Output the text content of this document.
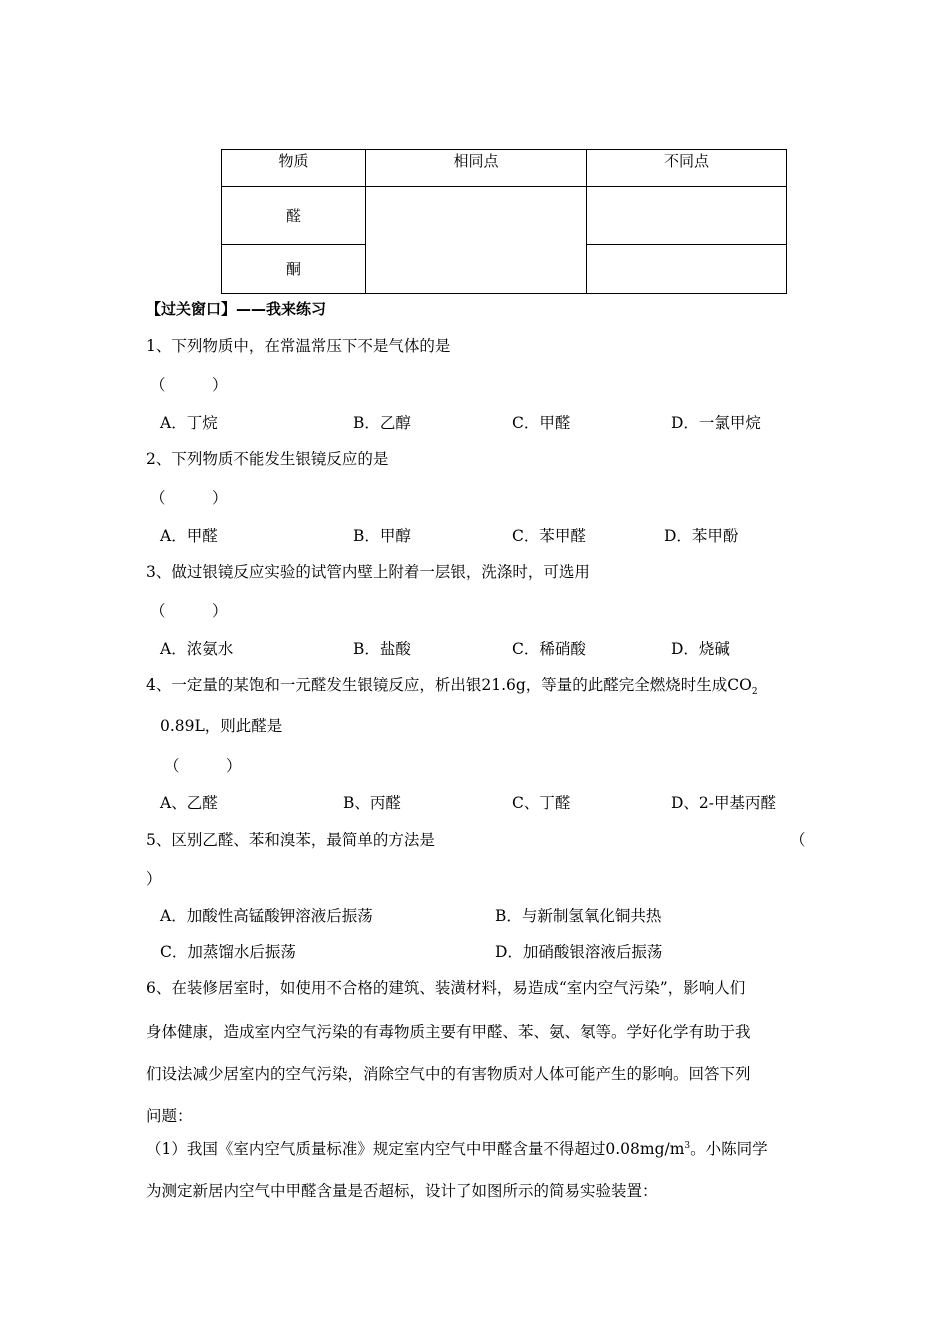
物质	相同点	不同点
醛		
酮		
【过关窗口】——我来练习
1、下列物质中，在常温常压下不是气体的是
（　　　）
A．丁烷	B．乙醇	C．甲醛	D．一氯甲烷
2、下列物质不能发生银镜反应的是
（　　　）
A．甲醛	B．甲醇	C．苯甲醛	D．苯甲酚
3、做过银镜反应实验的试管内壁上附着一层银，洗涤时，可选用
（　　　）
A．浓氨水	B．盐酸	C．稀硝酸	D．烧碱
4、一定量的某饱和一元醛发生银镜反应，析出银21.6g，等量的此醛完全燃烧时生成$CO_2$
0.89L，则此醛是
（　　　）
A、乙醛	B、丙醛	C、丁醛	D、2-甲基丙醛
5、区别乙醛、苯和溴苯，最简单的方法是	（
）
A．加酸性高锰酸钾溶液后振荡	B．与新制氢氧化铜共热
C．加蒸馏水后振荡	D．加硝酸银溶液后振荡
6、在装修居室时，如使用不合格的建筑、装潢材料，易造成“室内空气污染”，影响人们
身体健康，造成室内空气污染的有毒物质主要有甲醛、苯、氨、氡等。学好化学有助于我
们设法减少居室内的空气污染，消除空气中的有害物质对人体可能产生的影响。回答下列
问题：
（1）我国《室内空气质量标准》规定室内空气中甲醛含量不得超过$0.08mg/m^3$。小陈同学
为测定新居内空气中甲醛含量是否超标，设计了如图所示的简易实验装置：
